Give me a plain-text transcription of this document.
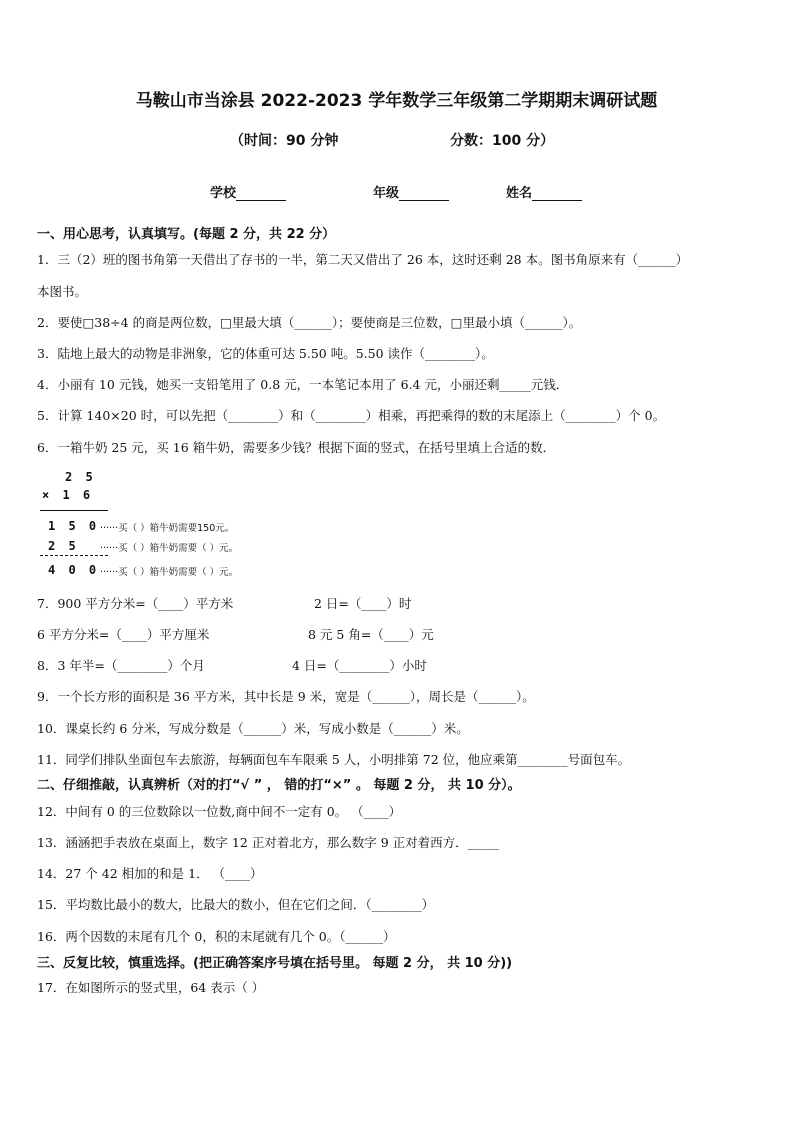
马鞍山市当涂县 2022-2023 学年数学三年级第二学期期末调研试题
（时间：90 分钟	分数：100 分）
学校	年级	姓名
一、用心思考，认真填写。(每题 2 分，共 22 分）
1．三（2）班的图书角第一天借出了存书的一半，第二天又借出了 26 本，这时还剩 28 本。图书角原来有（______）
本图书。
2．要使□38÷4 的商是两位数，□里最大填（______）；要使商是三位数，□里最小填（______）。
3．陆地上最大的动物是非洲象，它的体重可达 5.50 吨。5.50 读作（________）。
4．小丽有 10 元钱，她买一支铅笔用了 0.8 元，一本笔记本用了 6.4 元，小丽还剩_____元钱．
5．计算 140×20 时，可以先把（________）和（________）相乘，再把乘得的数的末尾添上（________）个 0。
6．一箱牛奶 25 元，买 16 箱牛奶，需要多少钱？根据下面的竖式，在括号里填上合适的数．
2 5
× 1 6
1 5 0 ······买（ ）箱牛奶需要150元。
2 5 ······买（ ）箱牛奶需要（ ）元。
4 0 0 ······买（ ）箱牛奶需要（ ）元。
7．900 平方分米=（____）平方米	2 日=（____）时
6 平方分米=（____）平方厘米	8 元 5 角=（____）元
8．3 年半=（________）个月	4 日=（________）小时
9．一个长方形的面积是 36 平方米，其中长是 9 米，宽是（______），周长是（______）。
10．课桌长约 6 分米，写成分数是（______）米，写成小数是（______）米。
11．同学们排队坐面包车去旅游，每辆面包车车限乘 5 人，小明排第 72 位，他应乘第________号面包车。
二、仔细推敲，认真辨析（对的打“√ ” ， 错的打“×” 。 每题 2 分， 共 10 分）。
12．中间有 0 的三位数除以一位数,商中间不一定有 0。 （____）
13．涵涵把手表放在桌面上，数字 12 正对着北方，那么数字 9 正对着西方．_____
14．27 个 42 相加的和是 1． （____）
15．平均数比最小的数大，比最大的数小，但在它们之间．（________）
16．两个因数的末尾有几个 0，积的末尾就有几个 0。（______）
三、反复比较，慎重选择。(把正确答案序号填在括号里。 每题 2 分， 共 10 分))
17．在如图所示的竖式里，64 表示（ ）
